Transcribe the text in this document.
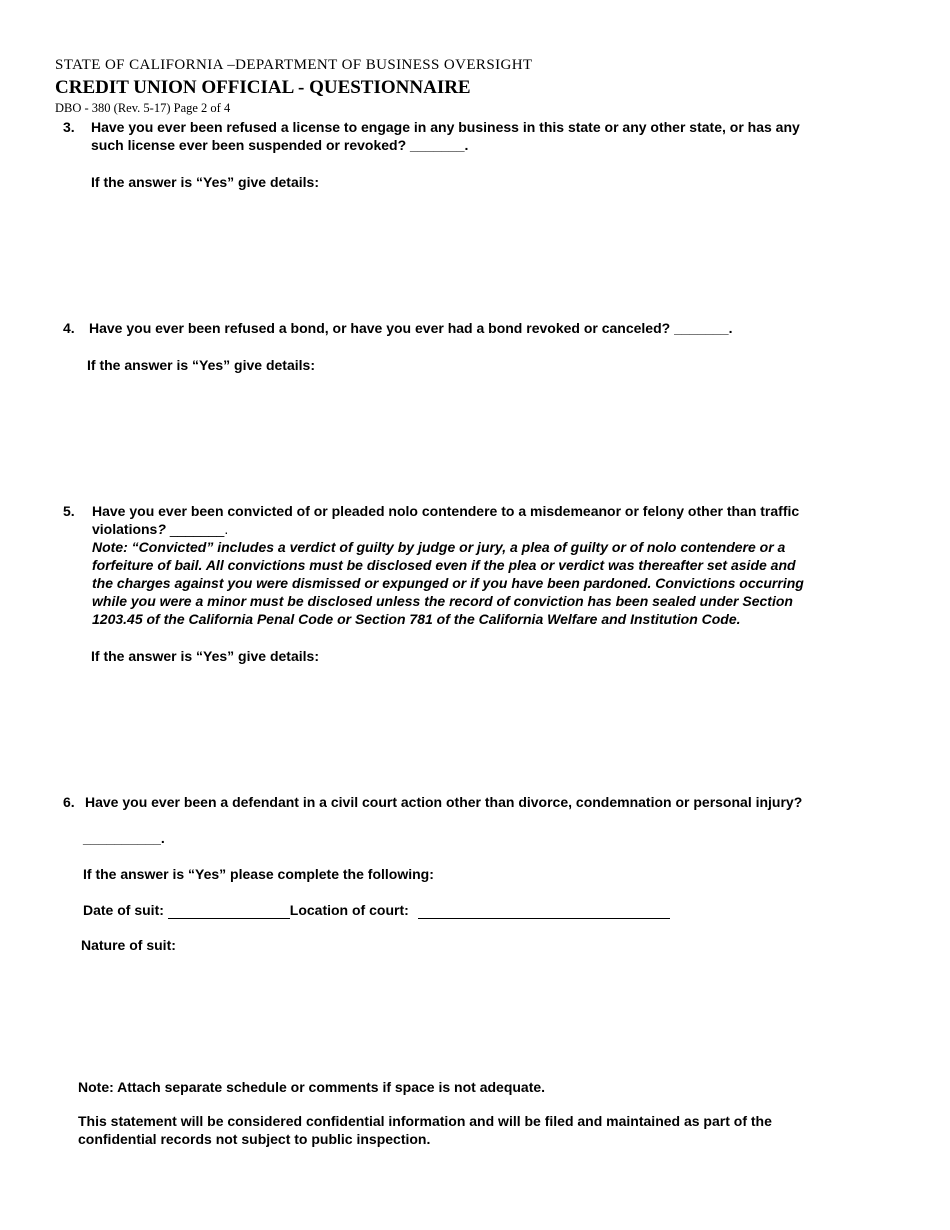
STATE OF CALIFORNIA –DEPARTMENT OF BUSINESS OVERSIGHT
CREDIT UNION OFFICIAL - QUESTIONNAIRE
DBO - 380 (Rev. 5-17) Page 2 of 4
3. Have you ever been refused a license to engage in any business in this state or any other state, or has any
such license ever been suspended or revoked? _______.
If the answer is “Yes” give details:
4. Have you ever been refused a bond, or have you ever had a bond revoked or canceled? _______.
If the answer is “Yes” give details:
5. Have you ever been convicted of or pleaded nolo contendere to a misdemeanor or felony other than traffic
violations? _______.
Note: “Convicted” includes a verdict of guilty by judge or jury, a plea of guilty or of nolo contendere or a
forfeiture of bail. All convictions must be disclosed even if the plea or verdict was thereafter set aside and
the charges against you were dismissed or expunged or if you have been pardoned. Convictions occurring
while you were a minor must be disclosed unless the record of conviction has been sealed under Section
1203.45 of the California Penal Code or Section 781 of the California Welfare and Institution Code.
If the answer is “Yes” give details:
6. Have you ever been a defendant in a civil court action other than divorce, condemnation or personal injury?
__________.
If the answer is “Yes” please complete the following:
Date of suit:	Location of court:
Nature of suit:
Note: Attach separate schedule or comments if space is not adequate.
This statement will be considered confidential information and will be filed and maintained as part of the
confidential records not subject to public inspection.
